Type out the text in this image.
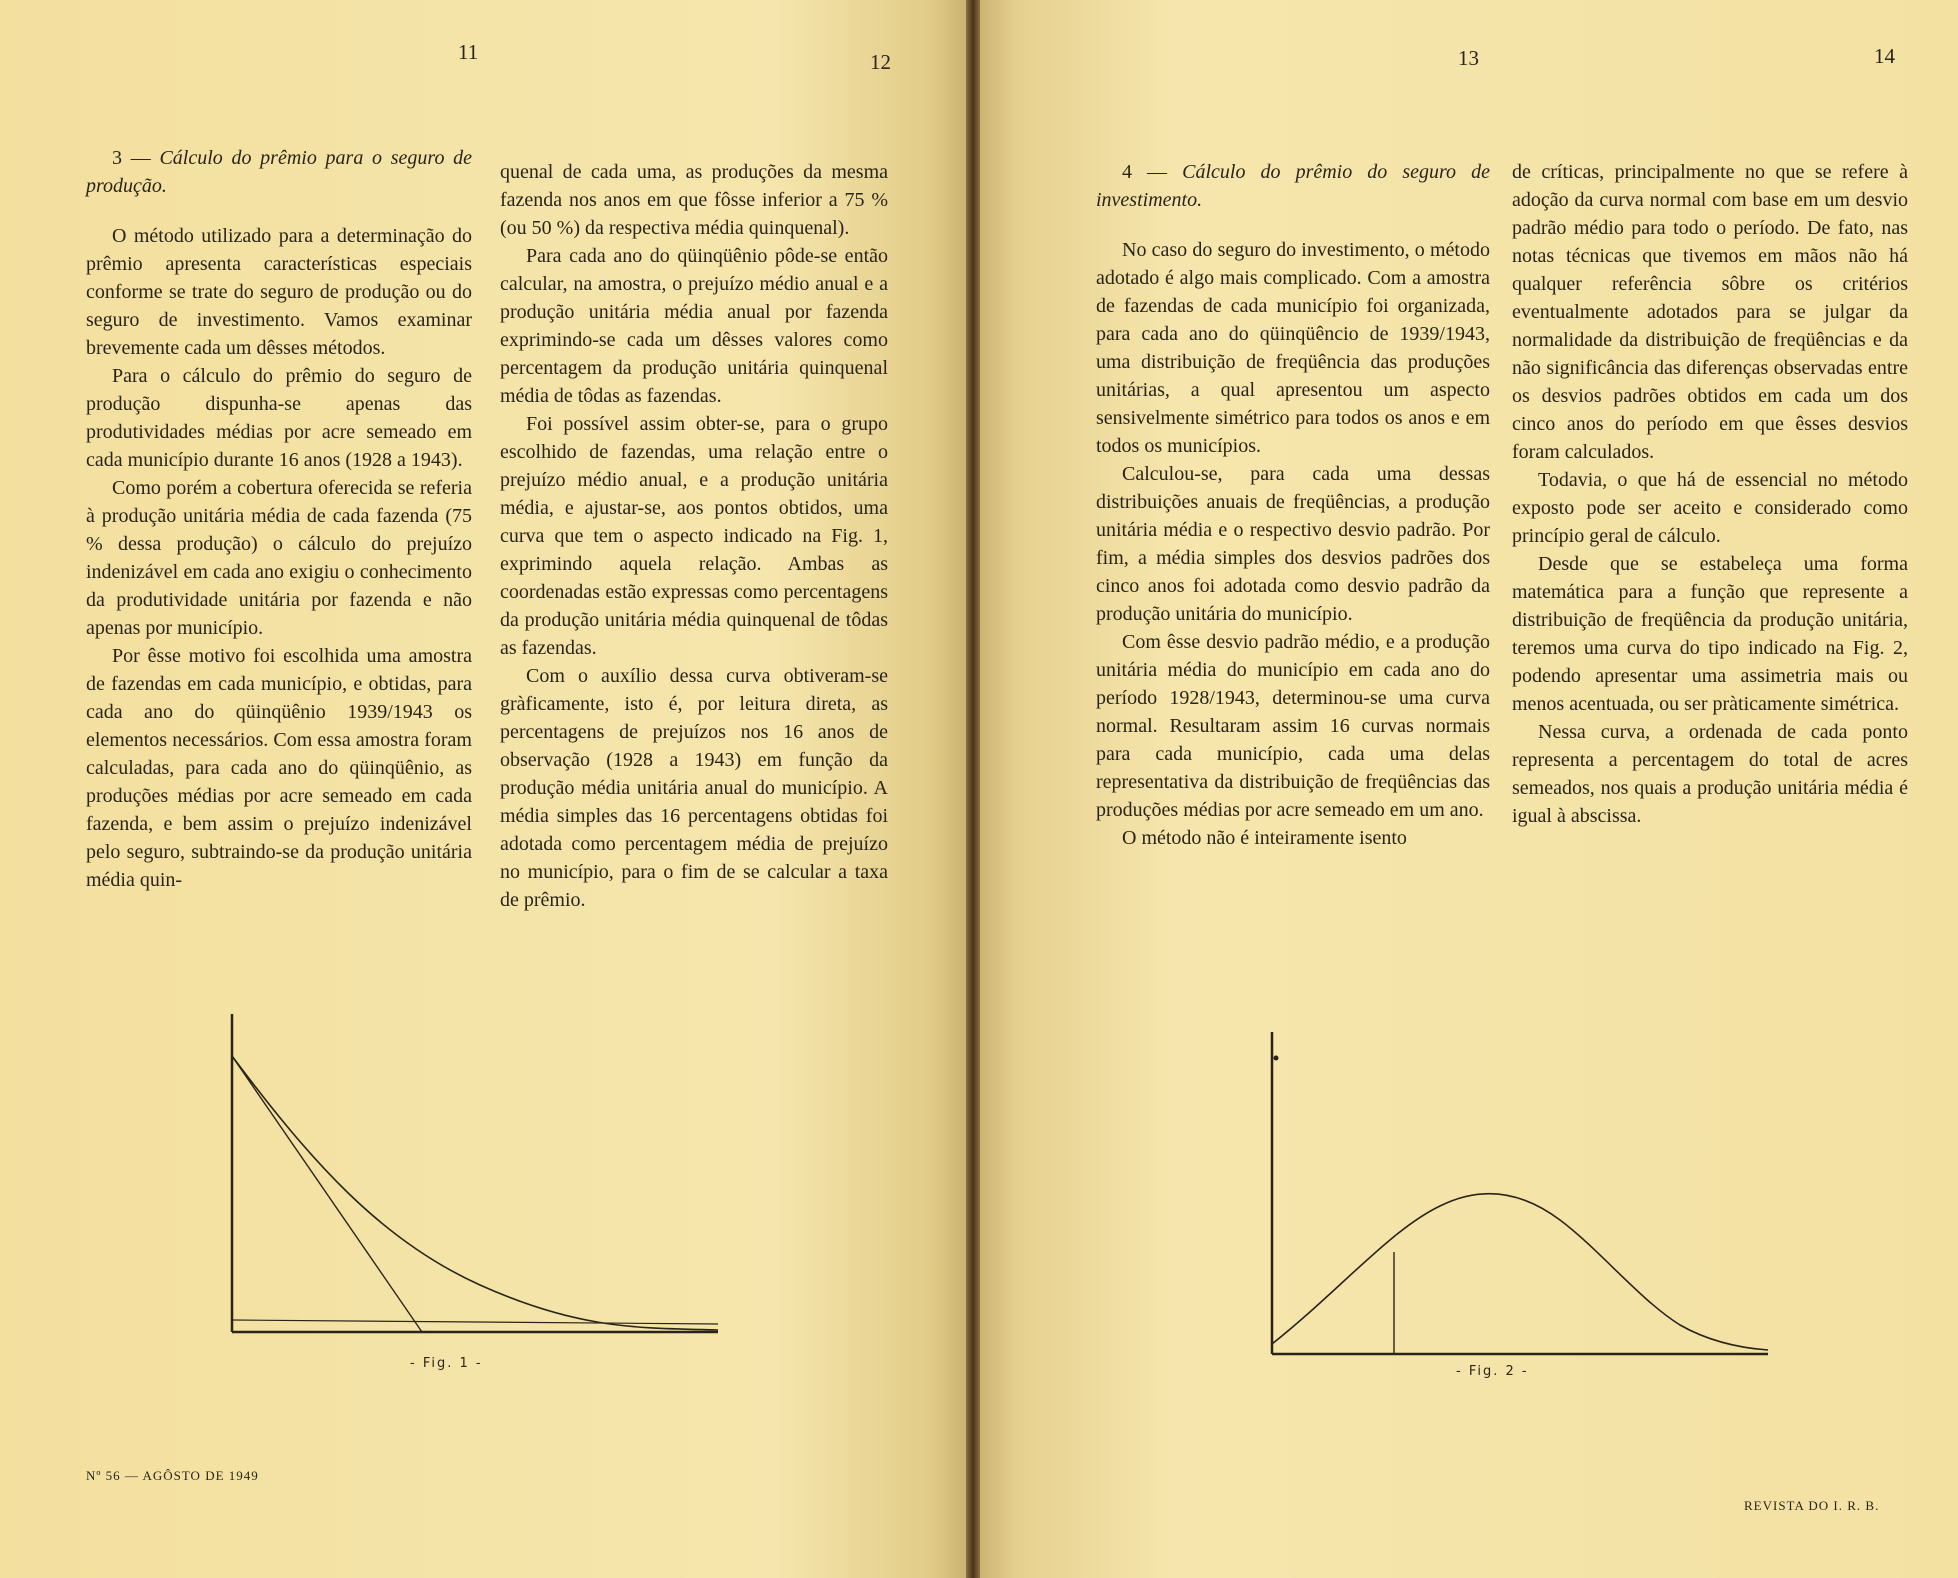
11	12	13	14

3 — Cálculo do prêmio para o seguro de produção.

O método utilizado para a determinação do prêmio apresenta características especiais conforme se trate do seguro de produção ou do seguro de investimento. Vamos examinar brevemente cada um dêsses métodos.

Para o cálculo do prêmio do seguro de produção dispunha-se apenas das produtividades médias por acre semeado em cada município durante 16 anos (1928 a 1943).

Como porém a cobertura oferecida se referia à produção unitária média de cada fazenda (75 % dessa produção) o cálculo do prejuízo indenizável em cada ano exigiu o conhecimento da produtividade unitária por fazenda e não apenas por município.

Por êsse motivo foi escolhida uma amostra de fazendas em cada município, e obtidas, para cada ano do qüinqüênio 1939/1943 os elementos necessários. Com essa amostra foram calculadas, para cada ano do qüinqüênio, as produções médias por acre semeado em cada fazenda, e bem assim o prejuízo indenizável pelo seguro, subtraindo-se da produção unitária média quin-

quenal de cada uma, as produções da mesma fazenda nos anos em que fôsse inferior a 75 % (ou 50 %) da respectiva média quinquenal).

Para cada ano do qüinqüênio pôde-se então calcular, na amostra, o prejuízo médio anual e a produção unitária média anual por fazenda exprimindo-se cada um dêsses valores como percentagem da produção unitária quinquenal média de tôdas as fazendas.

Foi possível assim obter-se, para o grupo escolhido de fazendas, uma relação entre o prejuízo médio anual, e a produção unitária média, e ajustar-se, aos pontos obtidos, uma curva que tem o aspecto indicado na Fig. 1, exprimindo aquela relação. Ambas as coordenadas estão expressas como percentagens da produção unitária média quinquenal de tôdas as fazendas.

Com o auxílio dessa curva obtiveram-se gràficamente, isto é, por leitura direta, as percentagens de prejuízos nos 16 anos de observação (1928 a 1943) em função da produção média unitária anual do município. A média simples das 16 percentagens obtidas foi adotada como percentagem média de prejuízo no município, para o fim de se calcular a taxa de prêmio.

4 — Cálculo do prêmio do seguro de investimento.

No caso do seguro do investimento, o método adotado é algo mais complicado. Com a amostra de fazendas de cada município foi organizada, para cada ano do qüinqüêncio de 1939/1943, uma distribuição de freqüência das produções unitárias, a qual apresentou um aspecto sensivelmente simétrico para todos os anos e em todos os municípios.

Calculou-se, para cada uma dessas distribuições anuais de freqüências, a produção unitária média e o respectivo desvio padrão. Por fim, a média simples dos desvios padrões dos cinco anos foi adotada como desvio padrão da produção unitária do município.

Com êsse desvio padrão médio, e a produção unitária média do município em cada ano do período 1928/1943, determinou-se uma curva normal. Resultaram assim 16 curvas normais para cada município, cada uma delas representativa da distribuição de freqüências das produções médias por acre semeado em um ano.

O método não é inteiramente isento

de críticas, principalmente no que se refere à adoção da curva normal com base em um desvio padrão médio para todo o período. De fato, nas notas técnicas que tivemos em mãos não há qualquer referência sôbre os critérios eventualmente adotados para se julgar da normalidade da distribuição de freqüências e da não significância das diferenças observadas entre os desvios padrões obtidos em cada um dos cinco anos do período em que êsses desvios foram calculados.

Todavia, o que há de essencial no método exposto pode ser aceito e considerado como princípio geral de cálculo.

Desde que se estabeleça uma forma matemática para a função que represente a distribuição de freqüência da produção unitária, teremos uma curva do tipo indicado na Fig. 2, podendo apresentar uma assimetria mais ou menos acentuada, ou ser pràticamente simétrica.

Nessa curva, a ordenada de cada ponto representa a percentagem do total de acres semeados, nos quais a produção unitária média é igual à abscissa.

- Fig. 1 -
- Fig. 2 -
Nº 56 — AGÔSTO DE 1949
REVISTA DO I. R. B.
